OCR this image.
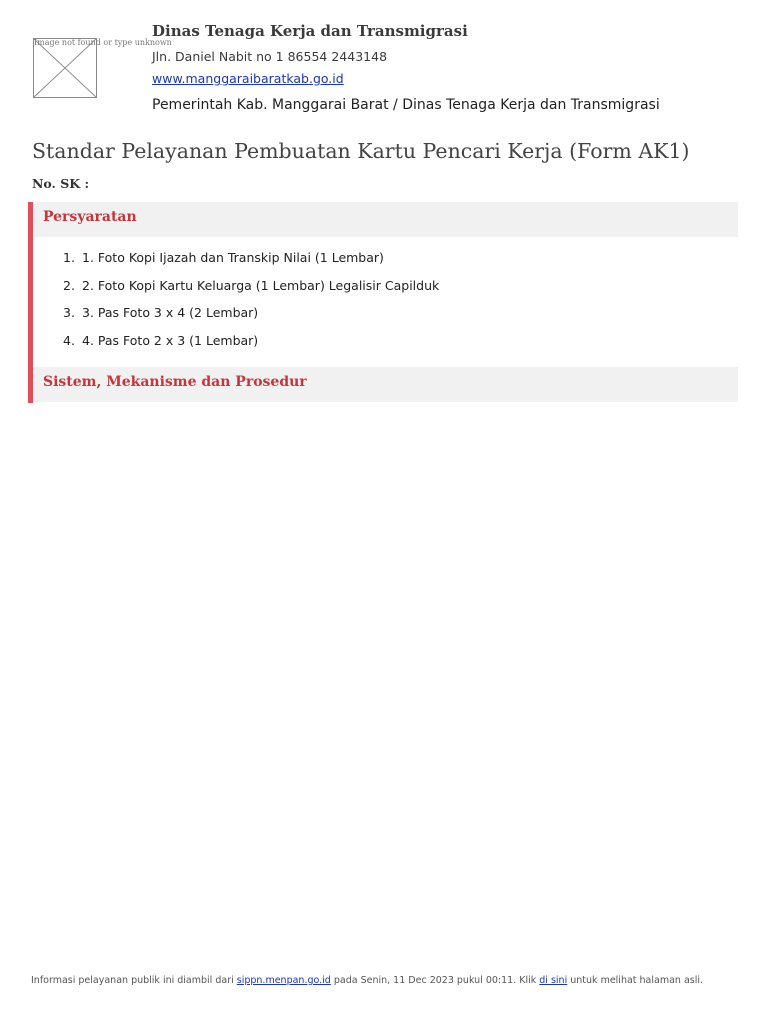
Image not found or type unknown
Dinas Tenaga Kerja dan Transmigrasi
Jln. Daniel Nabit no 1 86554 2443148
www.manggaraibaratkab.go.id
Pemerintah Kab. Manggarai Barat / Dinas Tenaga Kerja dan Transmigrasi
Standar Pelayanan Pembuatan Kartu Pencari Kerja (Form AK1)
No. SK :
Persyaratan
1. 1. Foto Kopi Ijazah dan Transkip Nilai (1 Lembar)
2. 2. Foto Kopi Kartu Keluarga (1 Lembar) Legalisir Capilduk
3. 3. Pas Foto 3 x 4 (2 Lembar)
4. 4. Pas Foto 2 x 3 (1 Lembar)
Sistem, Mekanisme dan Prosedur
Informasi pelayanan publik ini diambil dari sippn.menpan.go.id pada Senin, 11 Dec 2023 pukul 00:11. Klik di sini untuk melihat halaman asli.
